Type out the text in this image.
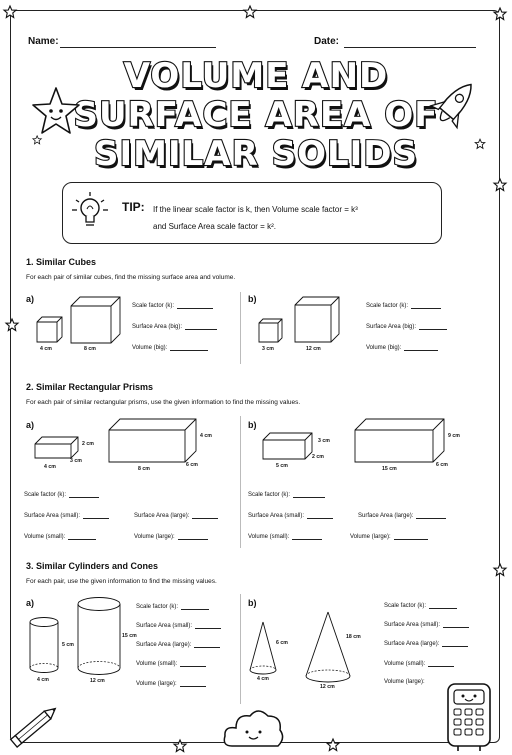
Name:	Date:
VOLUME AND
SURFACE AREA OF
SIMILAR SOLIDS
TIP: If the linear scale factor is k, then Volume scale factor = k³
and Surface Area scale factor = k².
1. Similar Cubes
For each pair of similar cubes, find the missing surface area and volume.
a)
4 cm	8 cm
Scale factor (k):
Surface Area (big):
Volume (big):
b)
3 cm	12 cm
Scale factor (k):
Surface Area (big):
Volume (big):
2. Similar Rectangular Prisms
For each pair of similar rectangular prisms, use the given information to find the missing values.
a)
2 cm
3 cm
4 cm
4 cm
6 cm
8 cm
Scale factor (k):
Surface Area (small):	Surface Area (large):
Volume (small):	Volume (large):
b)
3 cm
2 cm
5 cm
9 cm
6 cm
15 cm
Scale factor (k):
Surface Area (small):	Surface Area (large):
Volume (small):	Volume (large):
3. Similar Cylinders and Cones
For each pair, use the given information to find the missing values.
a)
5 cm
4 cm
15 cm
12 cm
Scale factor (k):
Surface Area (small):
Surface Area (large):
Volume (small):
Volume (large):
b)
6 cm
4 cm
18 cm
12 cm
Scale factor (k):
Surface Area (small):
Surface Area (large):
Volume (small):
Volume (large):
